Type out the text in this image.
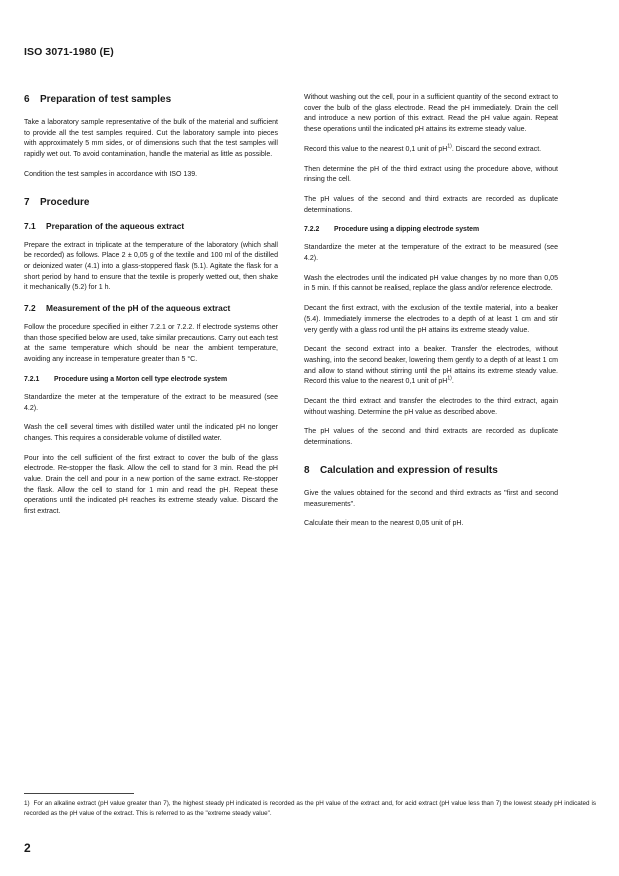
ISO 3071-1980 (E)
6 Preparation of test samples

Take a laboratory sample representative of the bulk of the material and sufficient to provide all the test samples required. Cut the laboratory sample into pieces with approximately 5 mm sides, or of dimensions such that the test samples will rapidly wet out. To avoid contamination, handle the material as little as possible.

Condition the test samples in accordance with ISO 139.

7 Procedure
7.1 Preparation of the aqueous extract

Prepare the extract in triplicate at the temperature of the laboratory (which shall be recorded) as follows. Place 2 ± 0,05 g of the textile and 100 ml of the distilled or deionized water (4.1) into a glass-stoppered flask (5.1). Agitate the flask for a short period by hand to ensure that the textile is properly wetted out, then shake it mechanically (5.2) for 1 h.

7.2 Measurement of the pH of the aqueous extract

Follow the procedure specified in either 7.2.1 or 7.2.2. If electrode systems other than those specified below are used, take similar precautions. Carry out each test at the same temperature which should be near the ambient temperature, avoiding any increase in temperature greater than 5 °C.

7.2.1 Procedure using a Morton cell type electrode system

Standardize the meter at the temperature of the extract to be measured (see 4.2).

Wash the cell several times with distilled water until the indicated pH no longer changes. This requires a considerable volume of distilled water.

Pour into the cell sufficient of the first extract to cover the bulb of the glass electrode. Re-stopper the flask. Allow the cell to stand for 3 min. Read the pH value. Drain the cell and pour in a new portion of the same extract. Re-stopper the flask. Allow the cell to stand for 1 min and read the pH. Repeat these operations until the indicated pH reaches its extreme steady value. Discard the first extract.

Without washing out the cell, pour in a sufficient quantity of the second extract to cover the bulb of the glass electrode. Read the pH immediately. Drain the cell and introduce a new portion of this extract. Read the pH value again. Repeat these operations until the indicated pH attains its extreme steady value.

Record this value to the nearest 0,1 unit of $pH^{1)}$. Discard the second extract.

Then determine the pH of the third extract using the procedure above, without rinsing the cell.

The pH values of the second and third extracts are recorded as duplicate determinations.

7.2.2 Procedure using a dipping electrode system

Standardize the meter at the temperature of the extract to be measured (see 4.2).

Wash the electrodes until the indicated pH value changes by no more than 0,05 in 5 min. If this cannot be realised, replace the glass and/or reference electrode.

Decant the first extract, with the exclusion of the textile material, into a beaker (5.4). Immediately immerse the electrodes to a depth of at least 1 cm and stir very gently with a glass rod until the pH attains its extreme steady value.

Decant the second extract into a beaker. Transfer the electrodes, without washing, into the second beaker, lowering them gently to a depth of at least 1 cm and allow to stand without stirring until the pH attains its extreme steady value. Record this value to the nearest 0,1 unit of $pH^{1)}$.

Decant the third extract and transfer the electrodes to the third extract, again without washing. Determine the pH value as described above.

The pH values of the second and third extracts are recorded as duplicate determinations.

8 Calculation and expression of results

Give the values obtained for the second and third extracts as "first and second measurements".

Calculate their mean to the nearest 0,05 unit of pH.

1) For an alkaline extract (pH value greater than 7), the highest steady pH indicated is recorded as the pH value of the extract and, for acid extract (pH value less than 7) the lowest steady pH indicated is recorded as the pH value of the extract. This is referred to as the "extreme steady value".
2
